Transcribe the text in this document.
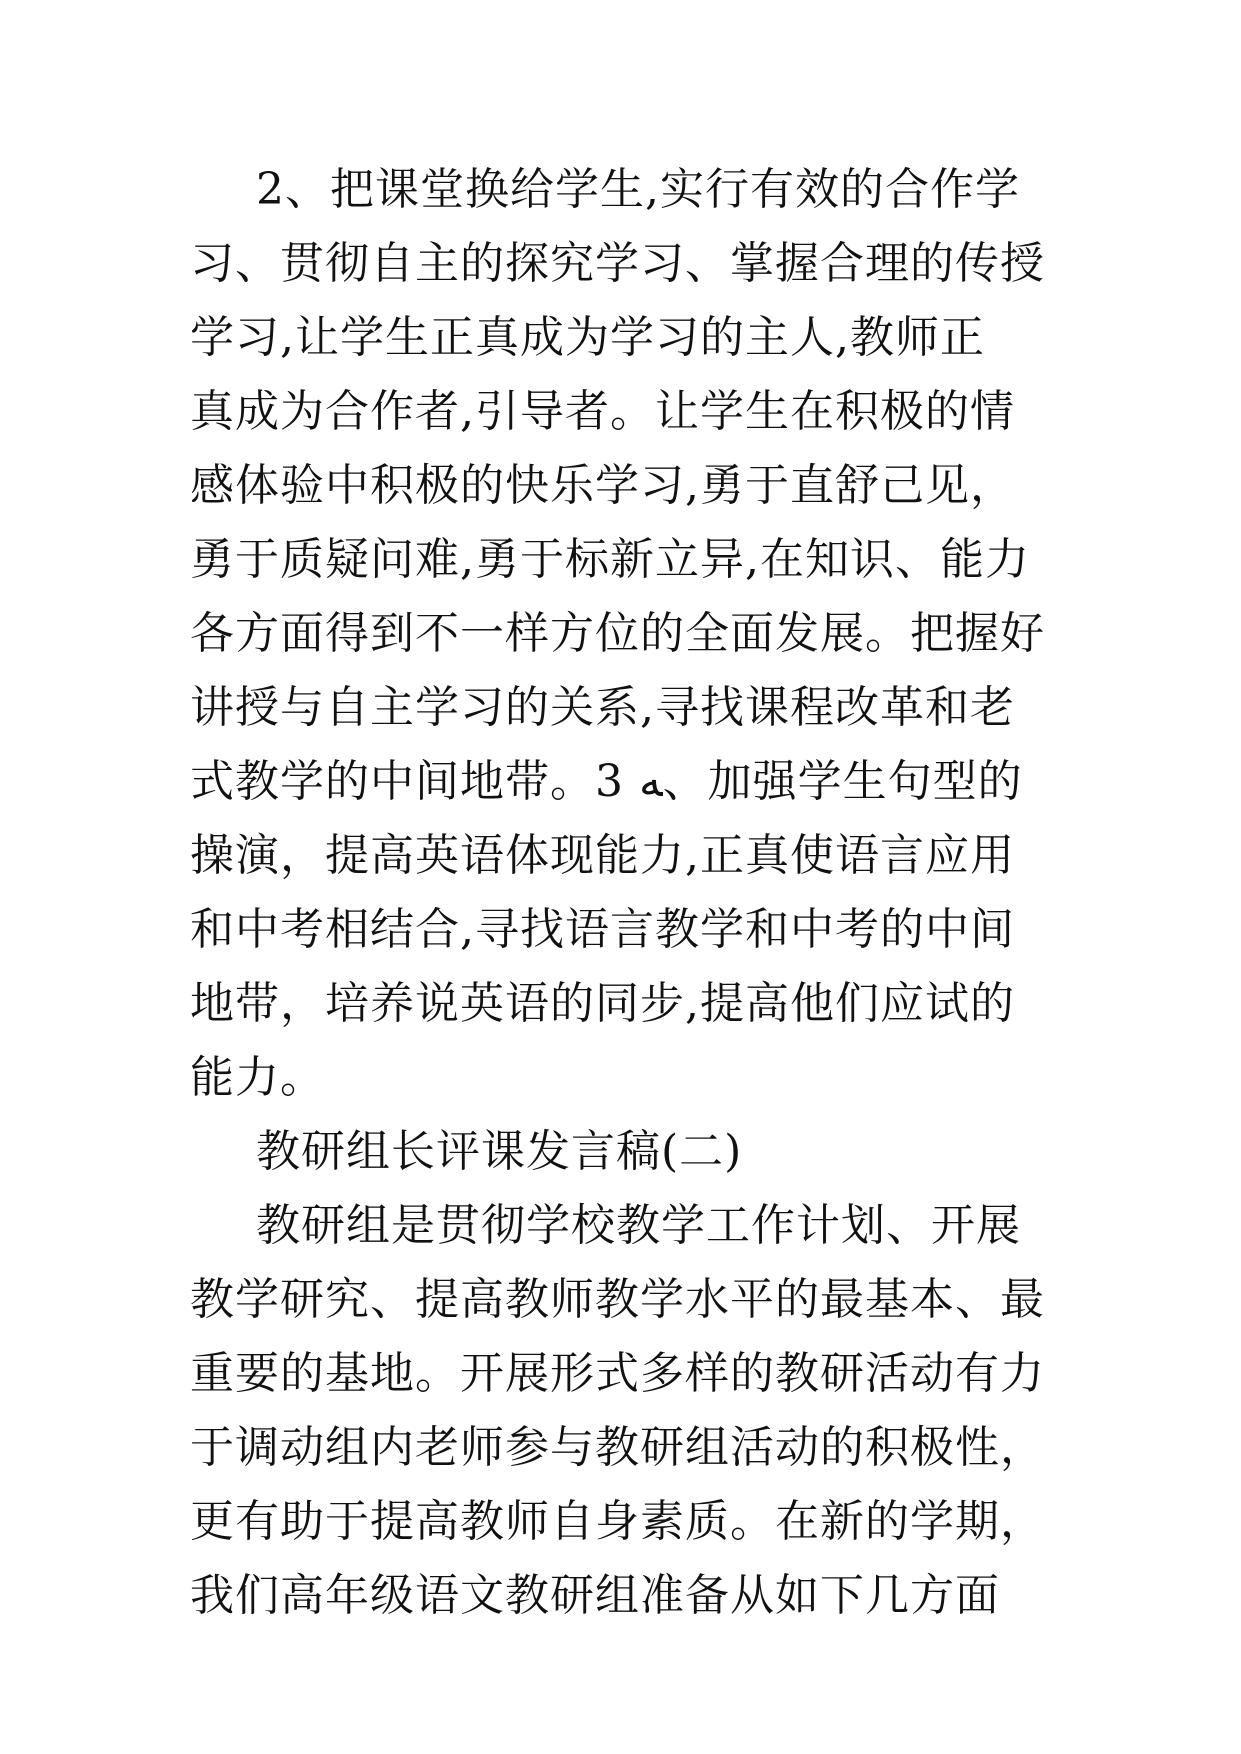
2、把课堂换给学生,实行有效的合作学
习、贯彻自主的探究学习、掌握合理的传授
学习,让学生正真成为学习的主人,教师正
真成为合作者,引导者。让学生在积极的情
感体验中积极的快乐学习,勇于直舒己见，
勇于质疑问难,勇于标新立异,在知识、能力
各方面得到不一样方位的全面发展。把握好
讲授与自主学习的关系,寻找课程改革和老
式教学的中间地带。3 ﻪ、加强学生句型的
操演，提高英语体现能力,正真使语言应用
和中考相结合,寻找语言教学和中考的中间
地带，培养说英语的同步,提高他们应试的
能力。
教研组长评课发言稿(二)
教研组是贯彻学校教学工作计划、开展
教学研究、提高教师教学水平的最基本、最
重要的基地。开展形式多样的教研活动有力
于调动组内老师参与教研组活动的积极性，
更有助于提高教师自身素质。在新的学期，
我们高年级语文教研组准备从如下几方面
